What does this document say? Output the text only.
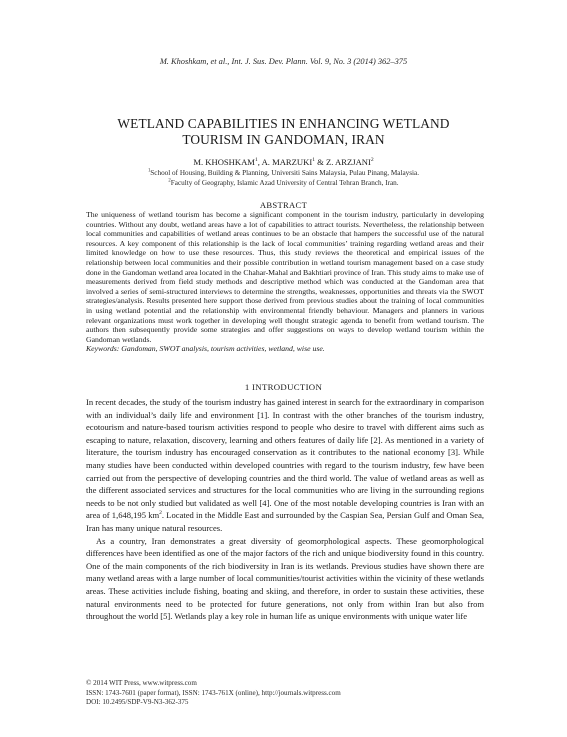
M. Khoshkam, et al., Int. J. Sus. Dev. Plann. Vol. 9, No. 3 (2014) 362–375
WETLAND CAPABILITIES IN ENHANCING WETLAND TOURISM IN GANDOMAN, IRAN
M. KHOSHKAM$^1$, A. MARZUKI$^1$ & Z. ARZJANI$^2$
$^1$School of Housing, Building & Planning, Universiti Sains Malaysia, Pulau Pinang, Malaysia.
$^2$Faculty of Geography, Islamic Azad University of Central Tehran Branch, Iran.
ABSTRACT
The uniqueness of wetland tourism has become a significant component in the tourism industry, particularly in developing countries. Without any doubt, wetland areas have a lot of capabilities to attract tourists. Nevertheless, the relationship between local communities and capabilities of wetland areas continues to be an obstacle that hampers the successful use of the natural resources. A key component of this relationship is the lack of local communities’ training regarding wetland areas and their limited knowledge on how to use these resources. Thus, this study reviews the theoretical and empirical issues of the relationship between local communities and their possible contribution in wetland tourism management based on a case study done in the Gandoman wetland area located in the Chahar-Mahal and Bakhtiari province of Iran. This study aims to make use of measurements derived from field study methods and descriptive method which was conducted at the Gandoman area that involved a series of semi-structured interviews to determine the strengths, weaknesses, opportunities and threats via the SWOT strategies/analysis. Results presented here support those derived from previous studies about the training of local communities in using wetland potential and the relationship with environmental friendly behaviour. Managers and planners in various relevant organizations must work together in developing well thought strategic agenda to benefit from wetland tourism. The authors then subsequently provide some strategies and offer suggestions on ways to develop wetland tourism within the Gandoman wetlands.
Keywords: Gandoman, SWOT analysis, tourism activities, wetland, wise use.
1 INTRODUCTION

In recent decades, the study of the tourism industry has gained interest in search for the extraordinary in comparison with an individual’s daily life and environment [1]. In contrast with the other branches of the tourism industry, ecotourism and nature-based tourism activities respond to people who desire to travel with different aims such as escaping to nature, relaxation, discovery, learning and others features of daily life [2]. As mentioned in a variety of literature, the tourism industry has encouraged conservation as it contributes to the national economy [3]. While many studies have been conducted within developed countries with regard to the tourism industry, few have been carried out from the perspective of developing countries and the third world. The value of wetland areas as well as the different associated services and structures for the local communities who are living in the surrounding regions needs to be not only studied but validated as well [4]. One of the most notable developing countries is Iran with an area of 1,648,195 $km^2$. Located in the Middle East and surrounded by the Caspian Sea, Persian Gulf and Oman Sea, Iran has many unique natural resources.

As a country, Iran demonstrates a great diversity of geomorphological aspects. These geomorphological differences have been identified as one of the major factors of the rich and unique biodiversity found in this country. One of the main components of the rich biodiversity in Iran is its wetlands. Previous studies have shown there are many wetland areas with a large number of local communities/tourist activities within the vicinity of these wetlands areas. These activities include fishing, boating and skiing, and therefore, in order to sustain these activities, these natural environments need to be protected for future generations, not only from within Iran but also from throughout the world [5]. Wetlands play a key role in human life as unique environments with unique water life

© 2014 WIT Press, www.witpress.com
ISSN: 1743-7601 (paper format), ISSN: 1743-761X (online), http://journals.witpress.com
DOI: 10.2495/SDP-V9-N3-362-375
